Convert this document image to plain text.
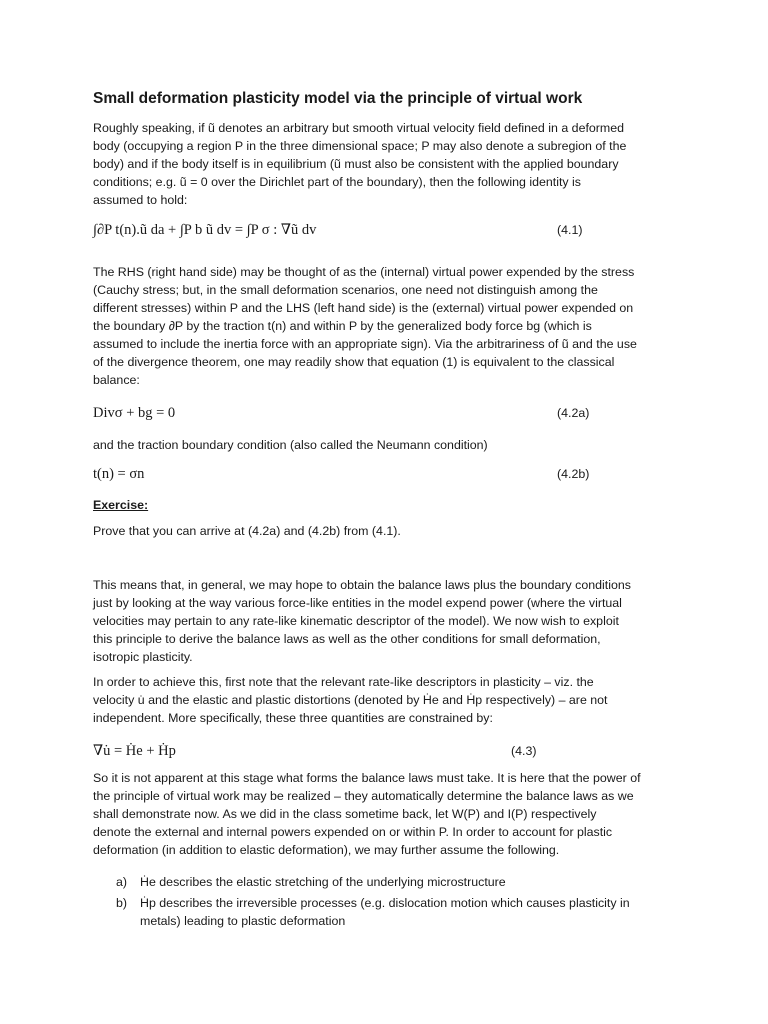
Small deformation plasticity model via the principle of virtual work
Roughly speaking, if ũ denotes an arbitrary but smooth virtual velocity field defined in a deformed
body (occupying a region P in the three dimensional space; P may also denote a subregion of the
body) and if the body itself is in equilibrium (ũ must also be consistent with the applied boundary
conditions; e.g. ũ = 0 over the Dirichlet part of the boundary), then the following identity is
assumed to hold:
∫∂P t(n).ũ da + ∫P b ũ dv = ∫P σ : ∇ũ dv	(4.1)
The RHS (right hand side) may be thought of as the (internal) virtual power expended by the stress
(Cauchy stress; but, in the small deformation scenarios, one need not distinguish among the
different stresses) within P and the LHS (left hand side) is the (external) virtual power expended on
the boundary ∂P by the traction t(n) and within P by the generalized body force bg (which is
assumed to include the inertia force with an appropriate sign). Via the arbitrariness of ũ and the use
of the divergence theorem, one may readily show that equation (1) is equivalent to the classical
balance:
Divσ + bg = 0	(4.2a)
and the traction boundary condition (also called the Neumann condition)
t(n) = σn	(4.2b)
Exercise:
Prove that you can arrive at (4.2a) and (4.2b) from (4.1).
This means that, in general, we may hope to obtain the balance laws plus the boundary conditions
just by looking at the way various force-like entities in the model expend power (where the virtual
velocities may pertain to any rate-like kinematic descriptor of the model). We now wish to exploit
this principle to derive the balance laws as well as the other conditions for small deformation,
isotropic plasticity.
In order to achieve this, first note that the relevant rate-like descriptors in plasticity – viz. the
velocity u̇ and the elastic and plastic distortions (denoted by Ḣe and Ḣp respectively) – are not
independent. More specifically, these three quantities are constrained by:
∇u̇ = Ḣe + Ḣp	(4.3)
So it is not apparent at this stage what forms the balance laws must take. It is here that the power of
the principle of virtual work may be realized – they automatically determine the balance laws as we
shall demonstrate now. As we did in the class sometime back, let W(P) and I(P) respectively
denote the external and internal powers expended on or within P. In order to account for plastic
deformation (in addition to elastic deformation), we may further assume the following.
a) Ḣe describes the elastic stretching of the underlying microstructure
b) Ḣp describes the irreversible processes (e.g. dislocation motion which causes plasticity in
metals) leading to plastic deformation
